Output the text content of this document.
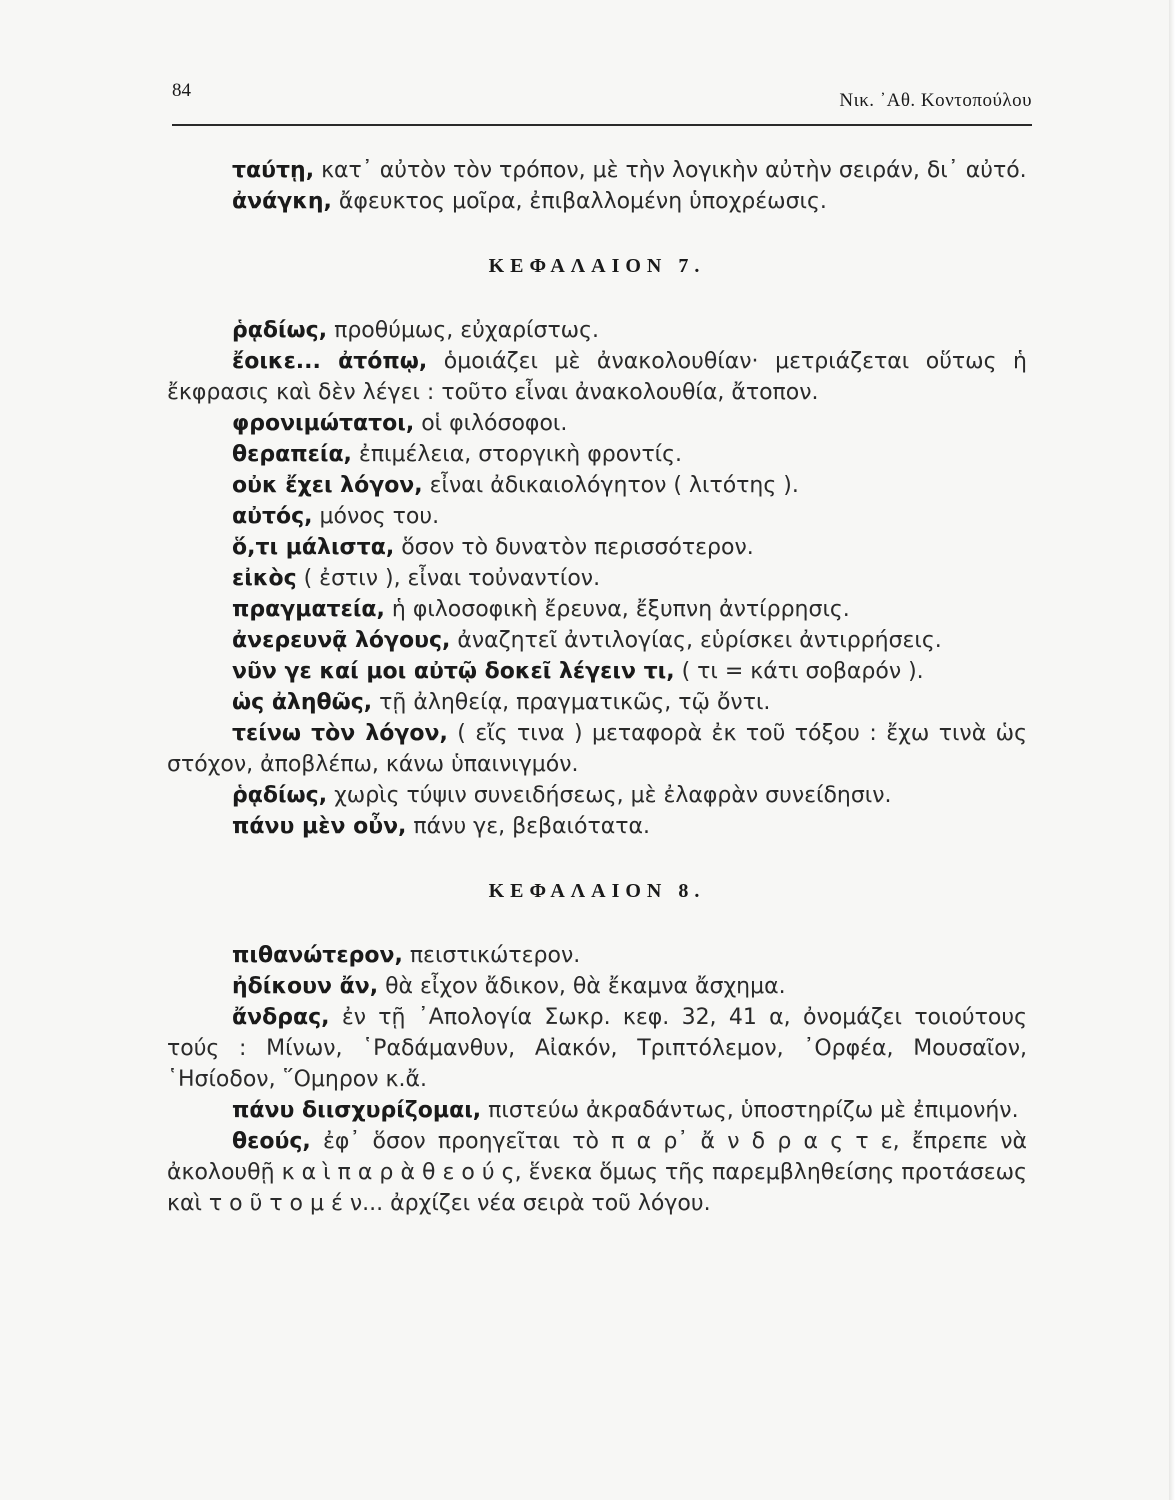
84	Νικ. ᾿Αθ. Κοντοπούλου

ταύτῃ, κατ᾿ αὐτὸν τὸν τρόπον, μὲ τὴν λογικὴν αὐτὴν σειράν, δι᾿ αὐτό.

ἀνάγκη, ἄφευκτος μοῖρα, ἐπιβαλλομένη ὑποχρέωσις.

ΚΕΦΑΛΑΙΟΝ 7.

ῥᾳδίως, προθύμως, εὐχαρίστως.

ἔοικε... ἀτόπῳ, ὁμοιάζει μὲ ἀνακολουθίαν· μετριάζεται οὕτως ἡ ἔκφρασις καὶ δὲν λέγει : τοῦτο εἶναι ἀνακολουθία, ἄτοπον.

φρονιμώτατοι, οἱ φιλόσοφοι.

θεραπεία, ἐπιμέλεια, στοργικὴ φροντίς.

οὐκ ἔχει λόγον, εἶναι ἀδικαιολόγητον ( λιτότης ).

αὐτός, μόνος του.

ὅ,τι μάλιστα, ὅσον τὸ δυνατὸν περισσότερον.

εἰκὸς ( ἐστιν ), εἶναι τοὐναντίον.

πραγματεία, ἡ φιλοσοφικὴ ἔρευνα, ἔξυπνη ἀντίρρησις.

ἀνερευνᾷ λόγους, ἀναζητεῖ ἀντιλογίας, εὑρίσκει ἀντιρρήσεις.

νῦν γε καί μοι αὐτῷ δοκεῖ λέγειν τι, ( τι = κάτι σοβαρόν ).

ὡς ἀληθῶς, τῇ ἀληθείᾳ, πραγματικῶς, τῷ ὄντι.

τείνω τὸν λόγον, ( εἴς τινα ) μεταφορὰ ἐκ τοῦ τόξου : ἔχω τινὰ ὡς στόχον, ἀποβλέπω, κάνω ὑπαινιγμόν.

ῥᾳδίως, χωρὶς τύψιν συνειδήσεως, μὲ ἐλαφρὰν συνείδησιν.

πάνυ μὲν οὖν, πάνυ γε, βεβαιότατα.

ΚΕΦΑΛΑΙΟΝ 8.

πιθανώτερον, πειστικώτερον.

ἠδίκουν ἄν, θὰ εἶχον ἄδικον, θὰ ἔκαμνα ἄσχημα.

ἄνδρας, ἐν τῇ ᾿Απολογία Σωκρ. κεφ. 32, 41 α, ὀνομάζει τοιούτους τούς : Μίνων, ῾Ραδάμανθυν, Αἰακόν, Τριπτόλεμον, ᾿Ορφέα, Μουσαῖον, ῾Ησίοδον, ῞Ομηρον κ.ἄ.

πάνυ διισχυρίζομαι, πιστεύω ἀκραδάντως, ὑποστηρίζω μὲ ἐπιμονήν.

θεούς, ἐφ᾿ ὅσον προηγεῖται τὸ π α ρ᾿ ἄ ν δ ρ α ς τ ε, ἔπρεπε νὰ ἀκολουθῇ κ α ὶ π α ρ ὰ θ ε ο ύ ς, ἕνεκα ὅμως τῆς παρεμβληθείσης προτάσεως καὶ τ ο ῦ τ ο μ έ ν... ἀρχίζει νέα σειρὰ τοῦ λόγου.
